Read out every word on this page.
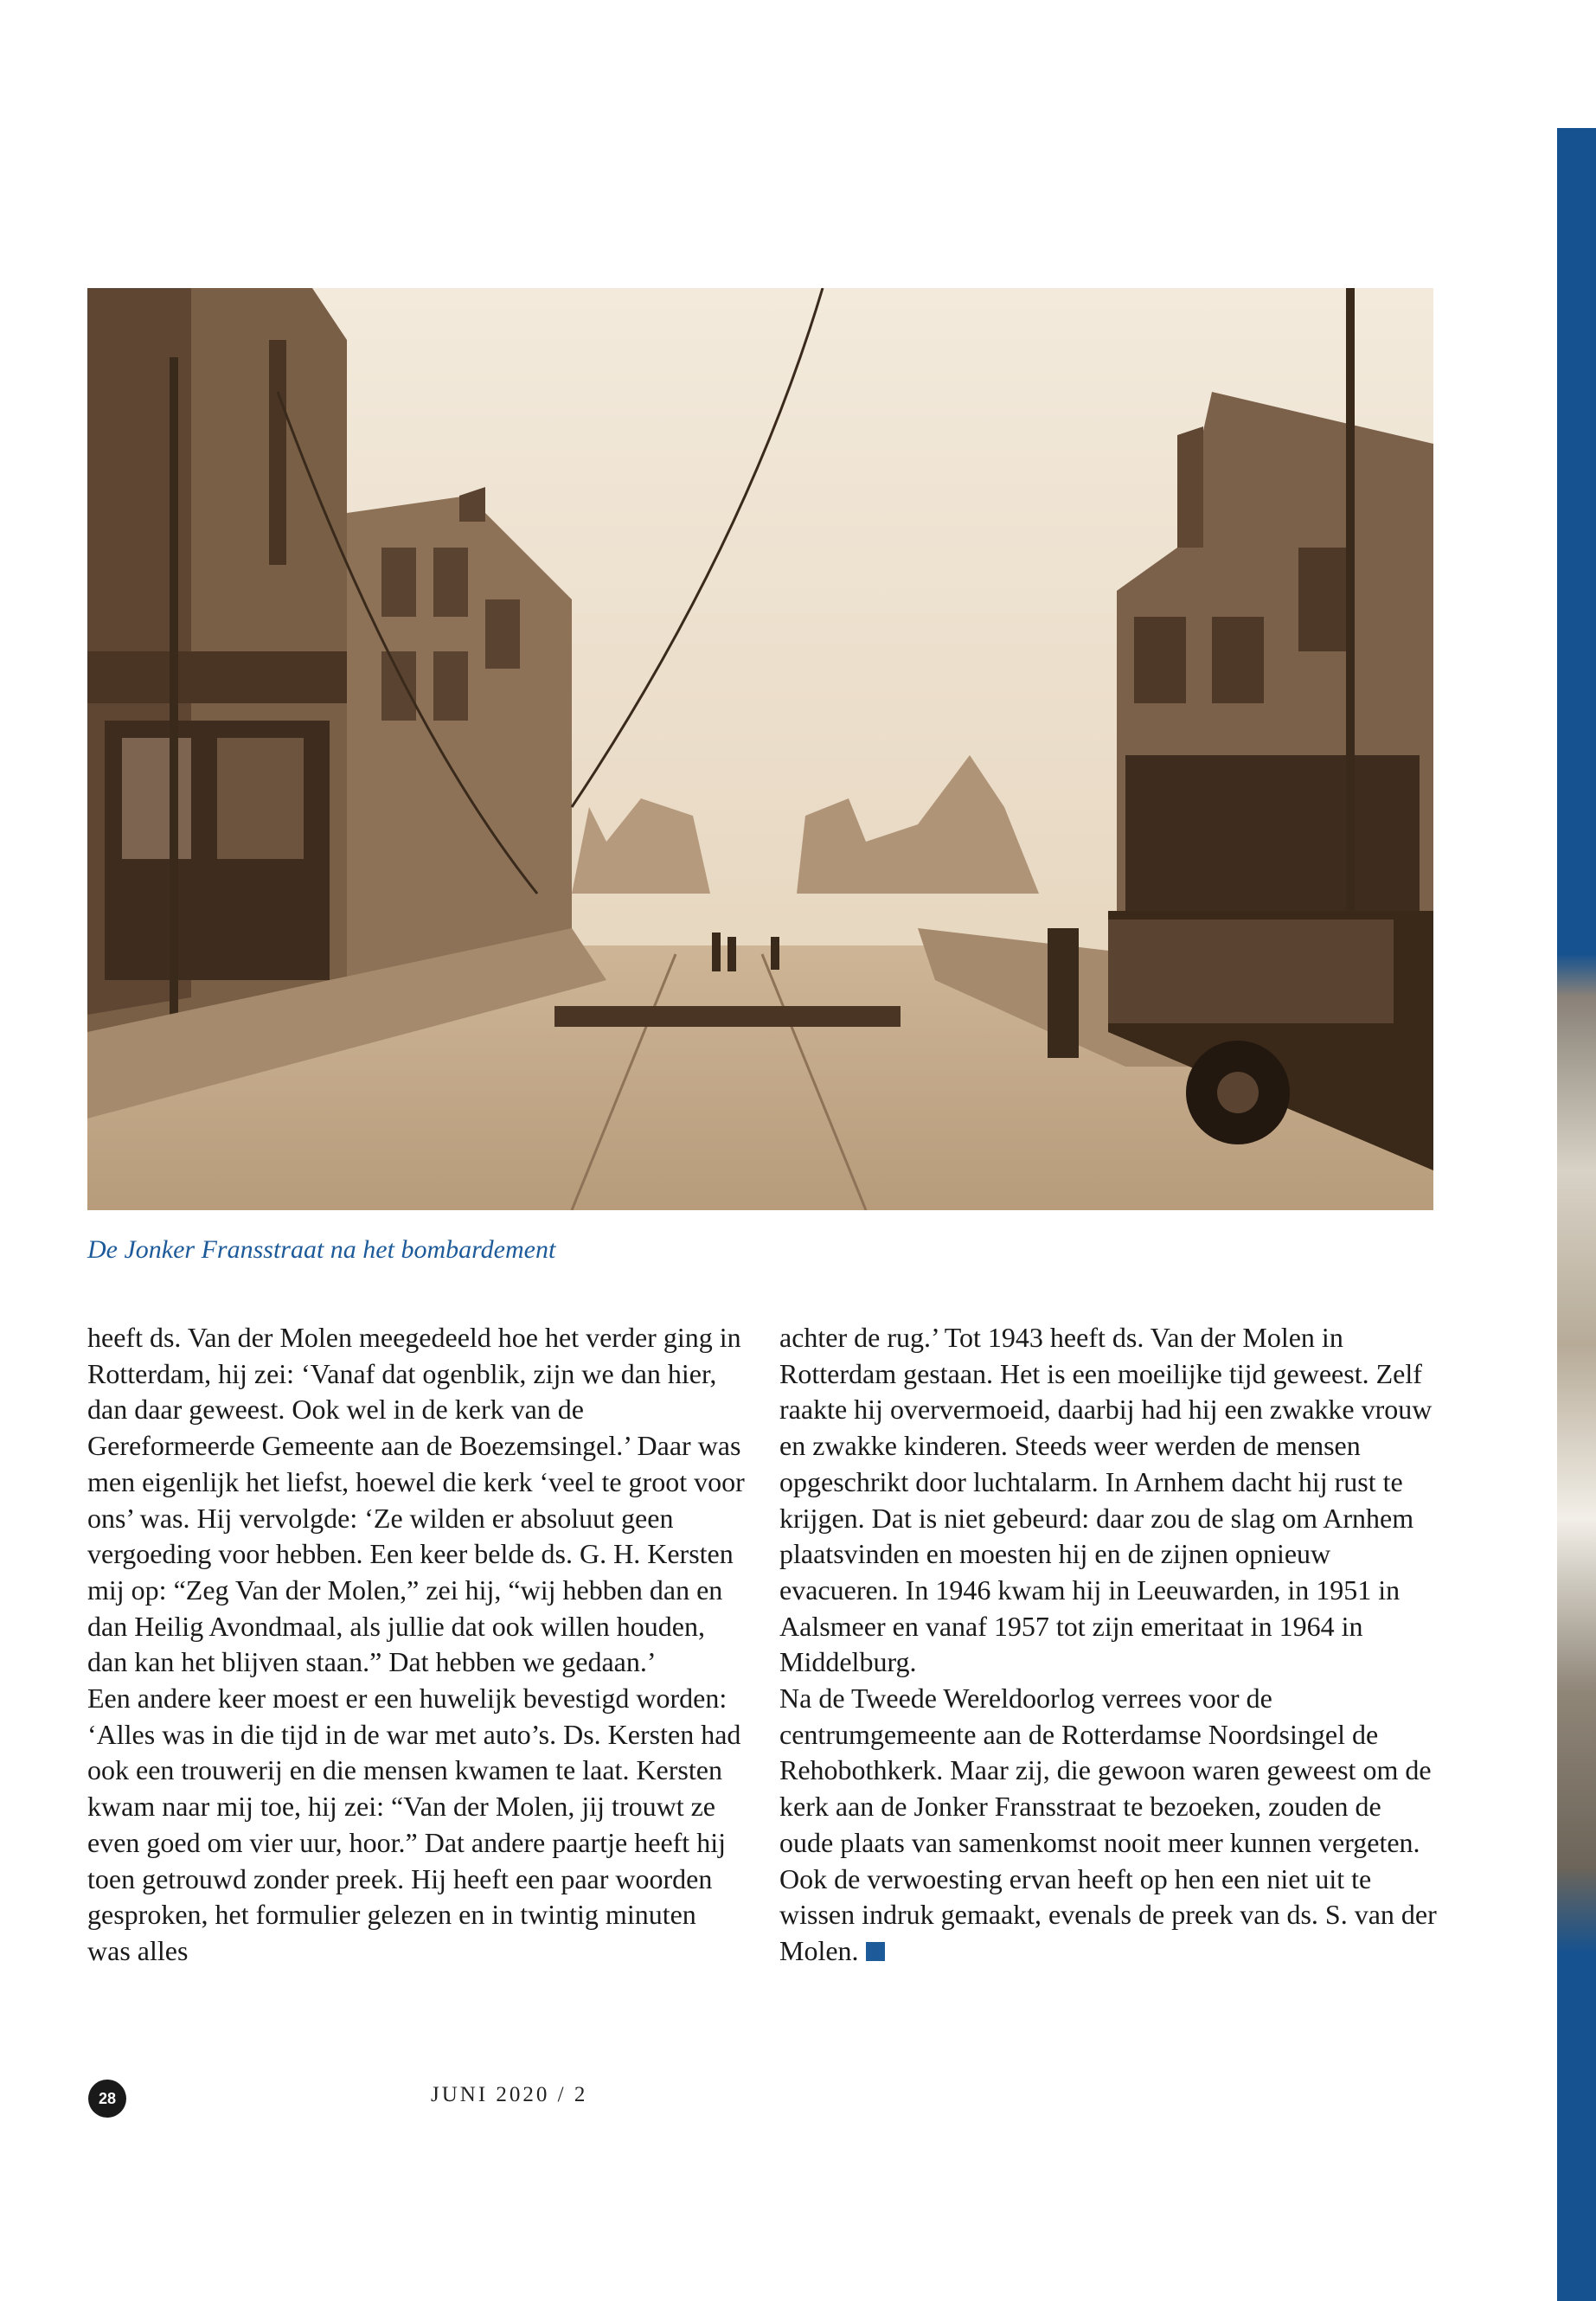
De Jonker Fransstraat na het bombardement

heeft ds. Van der Molen meegedeeld hoe het verder ging in Rotterdam, hij zei: ‘Vanaf dat ogenblik, zijn we dan hier, dan daar geweest. Ook wel in de kerk van de Gereformeerde Gemeente aan de Boezemsingel.’ Daar was men eigenlijk het liefst, hoewel die kerk ‘veel te groot voor ons’ was. Hij vervolgde: ‘Ze wilden er absoluut geen vergoeding voor hebben. Een keer belde ds. G. H. Kersten mij op: “Zeg Van der Molen,” zei hij, “wij hebben dan en dan Heilig Avondmaal, als jullie dat ook willen houden, dan kan het blijven staan.” Dat hebben we gedaan.’

Een andere keer moest er een huwelijk bevestigd worden: ‘Alles was in die tijd in de war met auto’s. Ds. Kersten had ook een trouwerij en die mensen kwamen te laat. Kersten kwam naar mij toe, hij zei: “Van der Molen, jij trouwt ze even goed om vier uur, hoor.” Dat andere paartje heeft hij toen getrouwd zonder preek. Hij heeft een paar woorden gesproken, het formulier gelezen en in twintig minuten was alles

achter de rug.’ Tot 1943 heeft ds. Van der Molen in Rotterdam gestaan. Het is een moeilijke tijd geweest. Zelf raakte hij oververmoeid, daarbij had hij een zwakke vrouw en zwakke kinderen. Steeds weer werden de mensen opgeschrikt door luchtalarm. In Arnhem dacht hij rust te krijgen. Dat is niet gebeurd: daar zou de slag om Arnhem plaatsvinden en moesten hij en de zijnen opnieuw evacueren. In 1946 kwam hij in Leeuwarden, in 1951 in Aalsmeer en vanaf 1957 tot zijn emeritaat in 1964 in Middelburg.

Na de Tweede Wereldoorlog verrees voor de centrumgemeente aan de Rotterdamse Noordsingel de Rehobothkerk. Maar zij, die gewoon waren geweest om de kerk aan de Jonker Fransstraat te bezoeken, zouden de oude plaats van samenkomst nooit meer kunnen vergeten. Ook de verwoesting ervan heeft op hen een niet uit te wissen indruk gemaakt, evenals de preek van ds. S. van der Molen.

28	JUNI 2020 / 2
